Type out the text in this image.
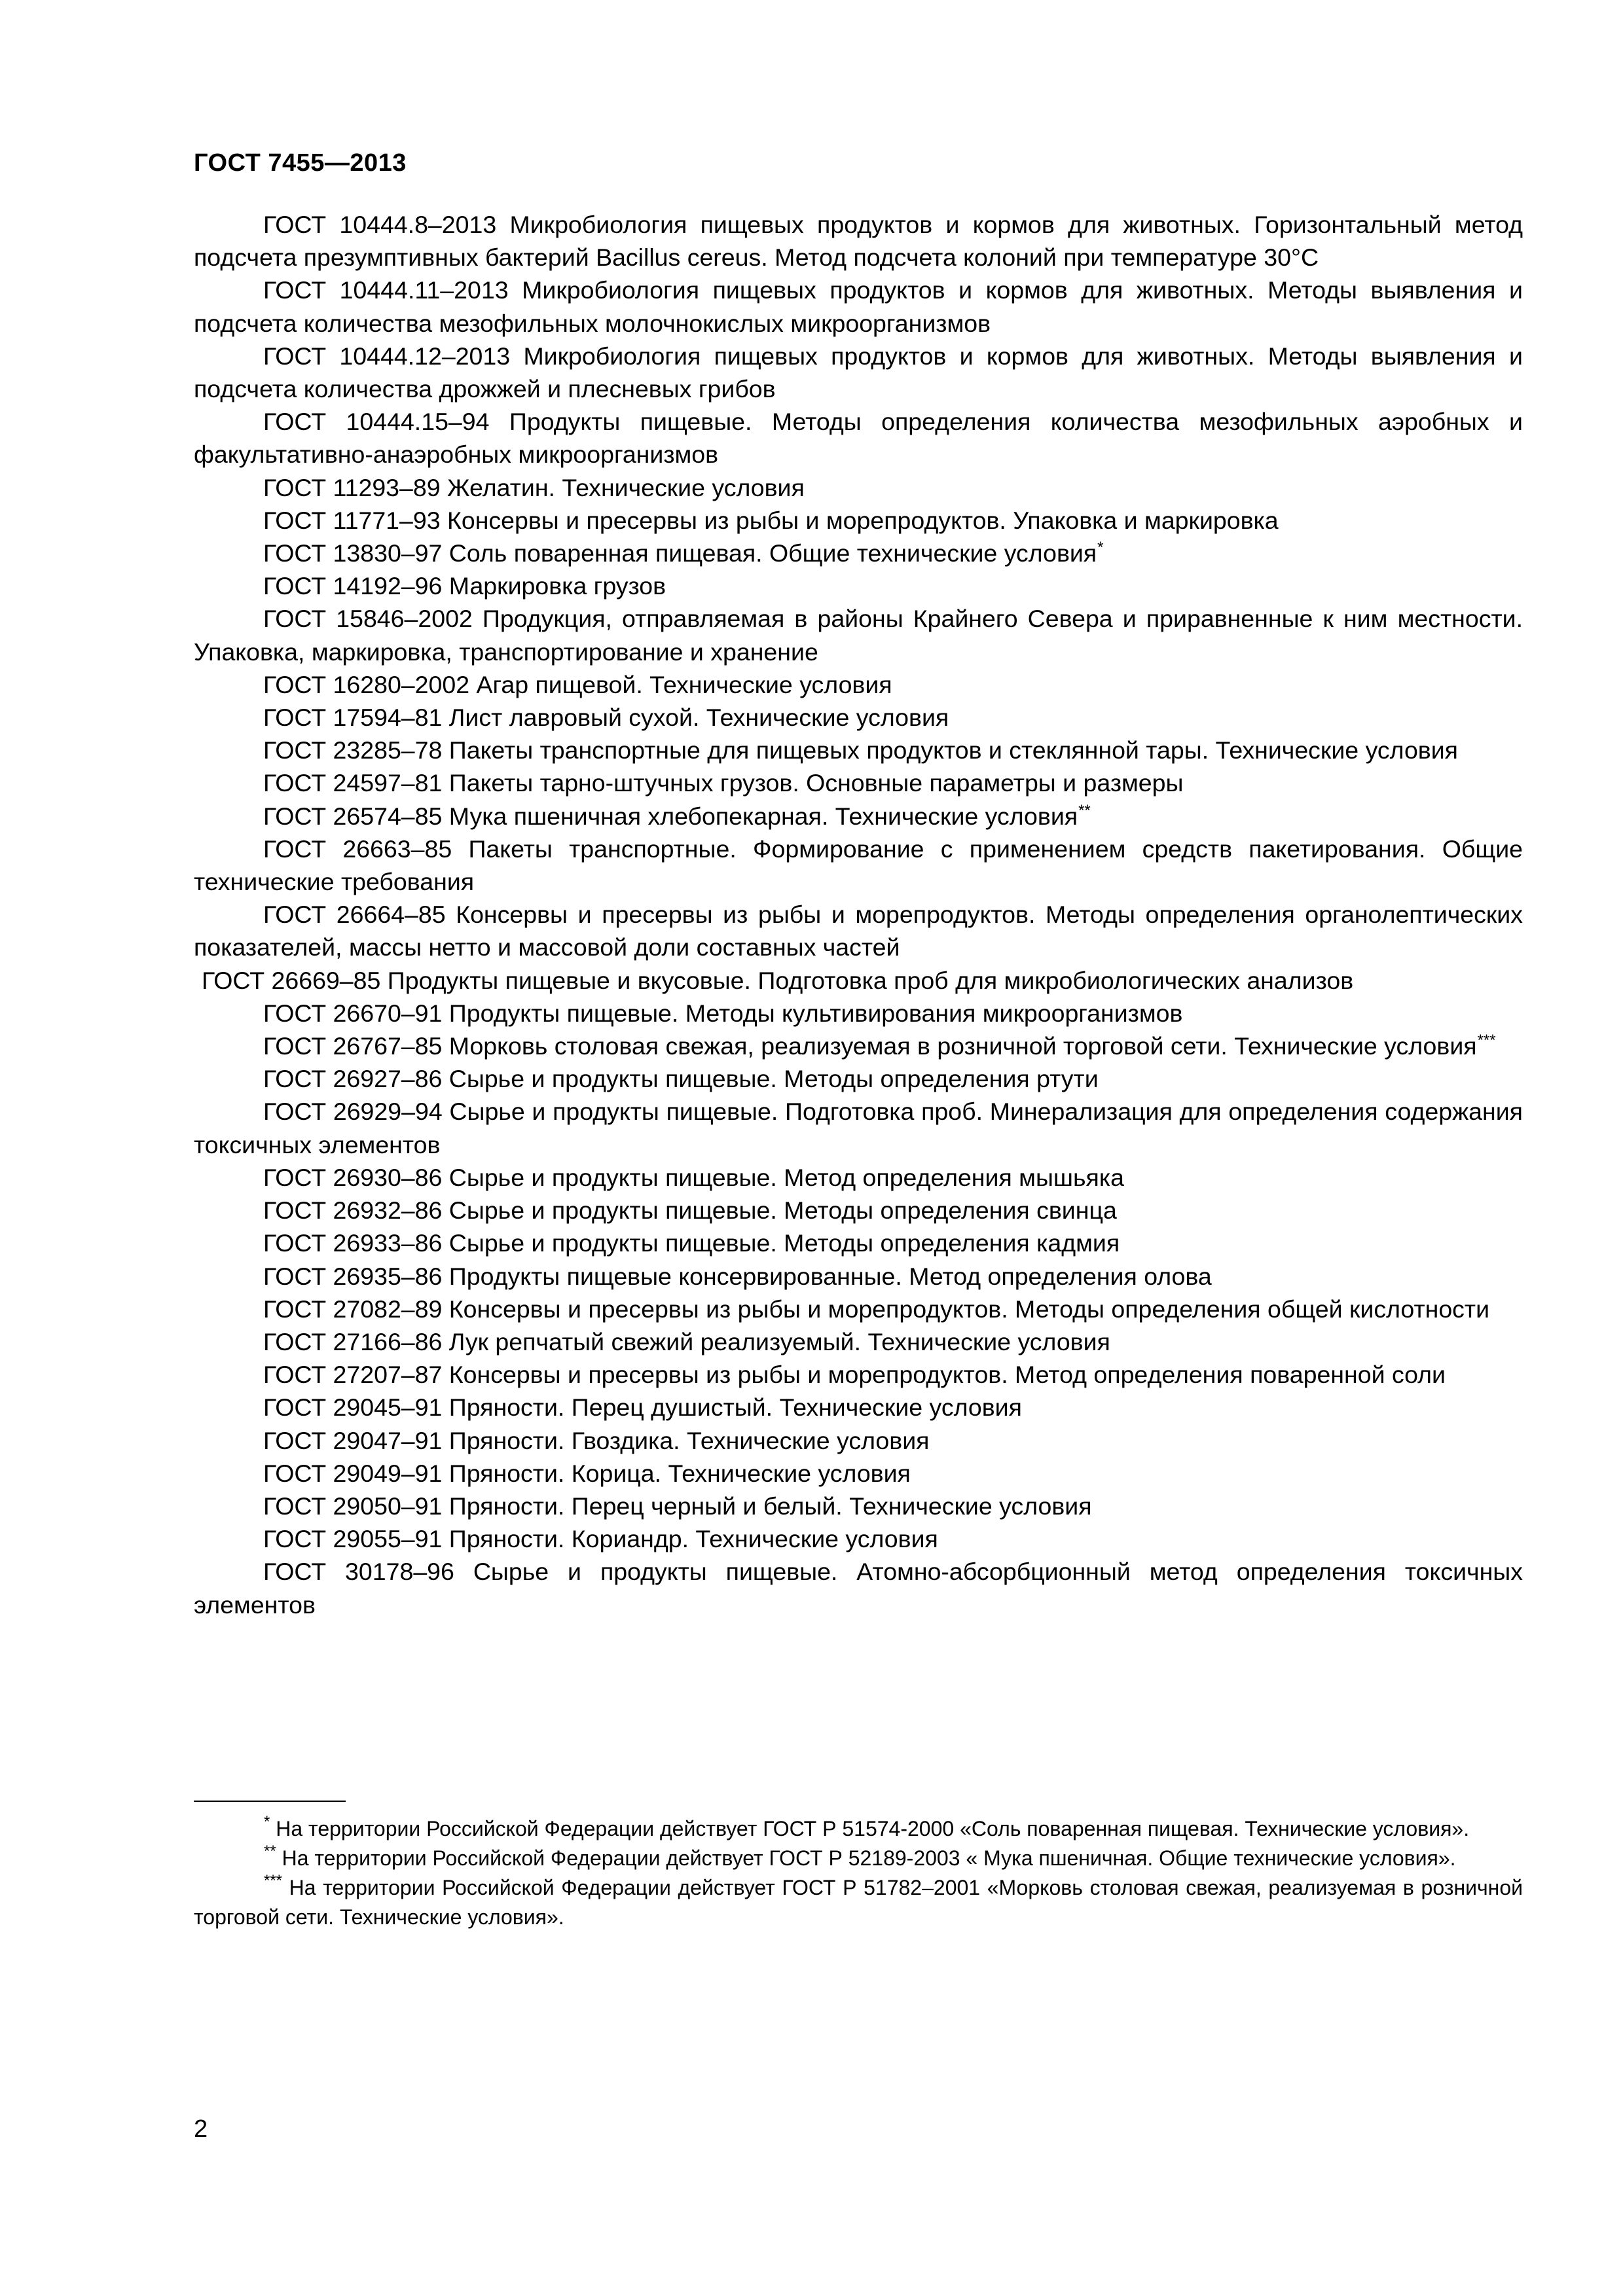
ГОСТ 7455—2013

ГОСТ 10444.8–2013 Микробиология пищевых продуктов и кормов для животных. Горизонтальный метод подсчета презумптивных бактерий Bacillus cereus. Метод подсчета колоний при температуре 30°С

ГОСТ 10444.11–2013 Микробиология пищевых продуктов и кормов для животных. Методы выявления и подсчета количества мезофильных молочнокислых микроорганизмов

ГОСТ 10444.12–2013 Микробиология пищевых продуктов и кормов для животных. Методы выявления и подсчета количества дрожжей и плесневых грибов

ГОСТ 10444.15–94 Продукты пищевые. Методы определения количества мезофильных аэробных и факультативно-анаэробных микроорганизмов

ГОСТ 11293–89 Желатин. Технические условия

ГОСТ 11771–93 Консервы и пресервы из рыбы и морепродуктов. Упаковка и маркировка

ГОСТ 13830–97 Соль поваренная пищевая. Общие технические условия*

ГОСТ 14192–96 Маркировка грузов

ГОСТ 15846–2002 Продукция, отправляемая в районы Крайнего Севера и приравненные к ним местности. Упаковка, маркировка, транспортирование и хранение

ГОСТ 16280–2002 Агар пищевой. Технические условия

ГОСТ 17594–81 Лист лавровый сухой. Технические условия

ГОСТ 23285–78 Пакеты транспортные для пищевых продуктов и стеклянной тары. Технические условия

ГОСТ 24597–81 Пакеты тарно-штучных грузов. Основные параметры и размеры

ГОСТ 26574–85 Мука пшеничная хлебопекарная. Технические условия**

ГОСТ 26663–85 Пакеты транспортные. Формирование с применением средств пакетирования. Общие технические требования

ГОСТ 26664–85 Консервы и пресервы из рыбы и морепродуктов. Методы определения органолептических показателей, массы нетто и массовой доли составных частей

ГОСТ 26669–85 Продукты пищевые и вкусовые. Подготовка проб для микробиологических анализов

ГОСТ 26670–91 Продукты пищевые. Методы культивирования микроорганизмов

ГОСТ 26767–85 Морковь столовая свежая, реализуемая в розничной торговой сети. Технические условия***

ГОСТ 26927–86 Сырье и продукты пищевые. Методы определения ртути

ГОСТ 26929–94 Сырье и продукты пищевые. Подготовка проб. Минерализация для определения содержания токсичных элементов

ГОСТ 26930–86 Сырье и продукты пищевые. Метод определения мышьяка

ГОСТ 26932–86 Сырье и продукты пищевые. Методы определения свинца

ГОСТ 26933–86 Сырье и продукты пищевые. Методы определения кадмия

ГОСТ 26935–86 Продукты пищевые консервированные. Метод определения олова

ГОСТ 27082–89 Консервы и пресервы из рыбы и морепродуктов. Методы определения общей кислотности

ГОСТ 27166–86 Лук репчатый свежий реализуемый. Технические условия

ГОСТ 27207–87 Консервы и пресервы из рыбы и морепродуктов. Метод определения поваренной соли

ГОСТ 29045–91 Пряности. Перец душистый. Технические условия

ГОСТ 29047–91 Пряности. Гвоздика. Технические условия

ГОСТ 29049–91 Пряности. Корица. Технические условия

ГОСТ 29050–91 Пряности. Перец черный и белый. Технические условия

ГОСТ 29055–91 Пряности. Кориандр. Технические условия

ГОСТ 30178–96 Сырье и продукты пищевые. Атомно-абсорбционный метод определения токсичных элементов

* На территории Российской Федерации действует ГОСТ Р 51574-2000 «Соль поваренная пищевая. Технические условия».

** На территории Российской Федерации действует ГОСТ Р 52189-2003 « Мука пшеничная. Общие технические условия».

*** На территории Российской Федерации действует ГОСТ Р 51782–2001 «Морковь столовая свежая, реализуемая в розничной торговой сети. Технические условия».

2
